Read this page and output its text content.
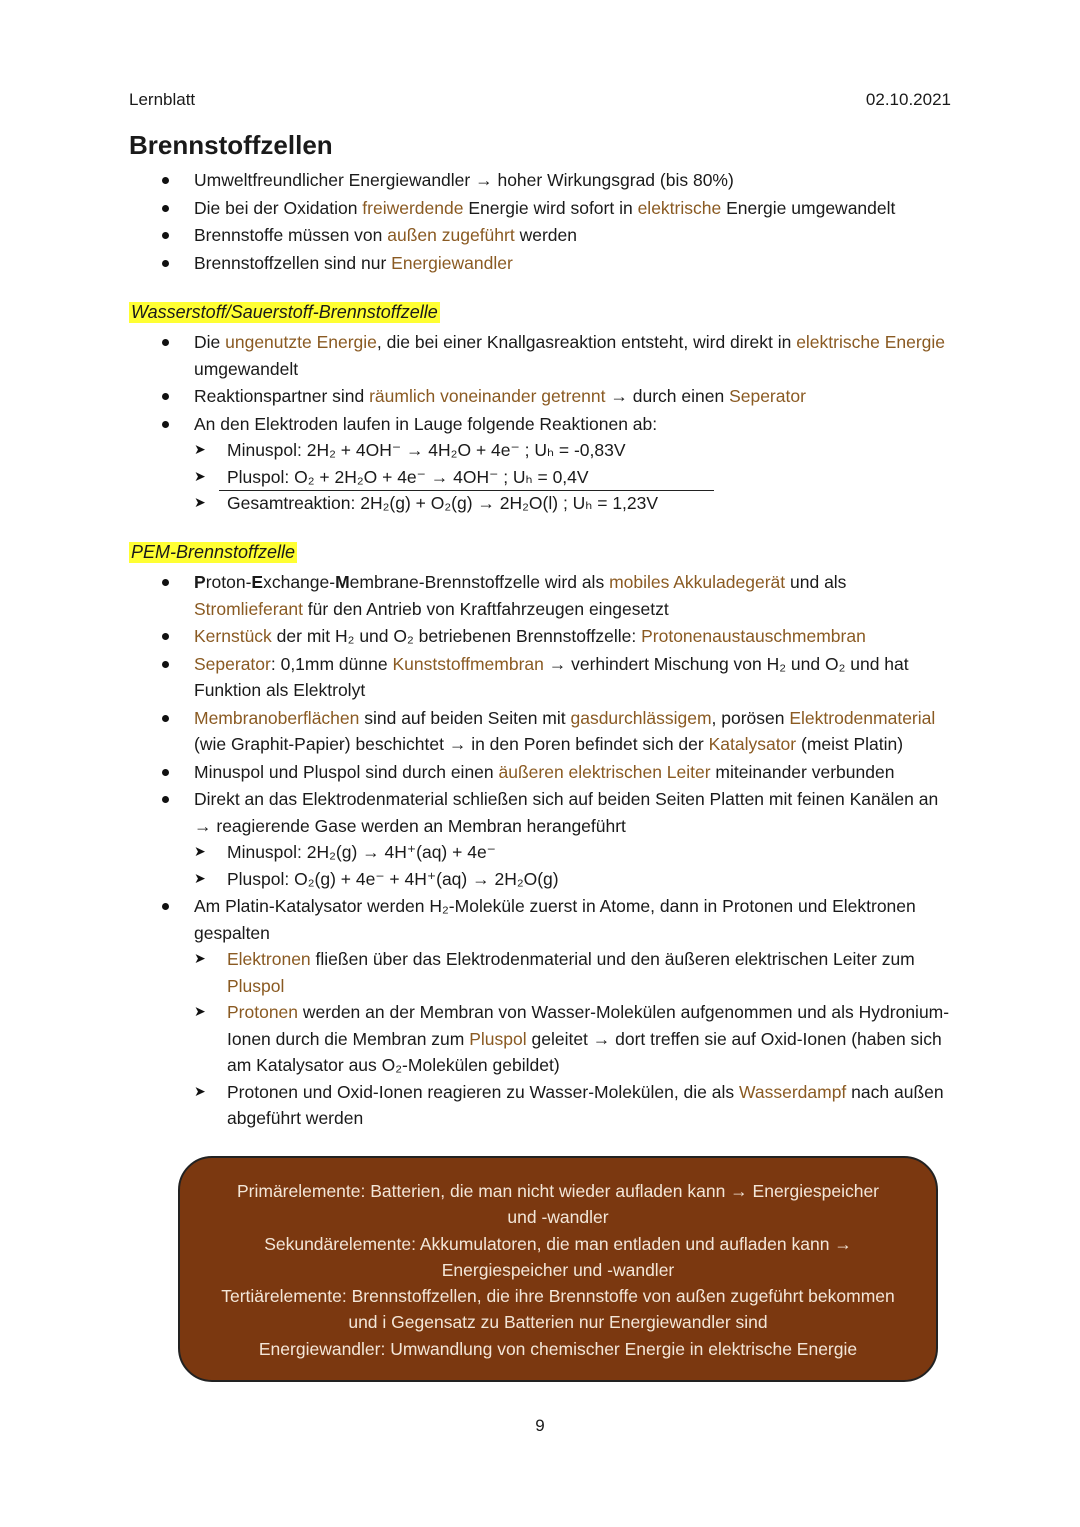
Lernblatt	02.10.2021
Brennstoffzellen
Umweltfreundlicher Energiewandler → hoher Wirkungsgrad (bis 80%)
Die bei der Oxidation freiwerdende Energie wird sofort in elektrische Energie umgewandelt
Brennstoffe müssen von außen zugeführt werden
Brennstoffzellen sind nur Energiewandler
Wasserstoff/Sauerstoff-Brennstoffzelle
Die ungenutzte Energie, die bei einer Knallgasreaktion entsteht, wird direkt in elektrische Energie umgewandelt
Reaktionspartner sind räumlich voneinander getrennt → durch einen Seperator
An den Elektroden laufen in Lauge folgende Reaktionen ab:
➤ Minuspol: 2H₂ + 4OH⁻ → 4H₂O + 4e⁻ ; Uₕ = -0,83V
➤ Pluspol: O₂ + 2H₂O + 4e⁻ → 4OH⁻ ; Uₕ = 0,4V
➤ Gesamtreaktion: 2H₂(g) + O₂(g) → 2H₂O(l) ; Uₕ = 1,23V
PEM-Brennstoffzelle
Proton-Exchange-Membrane-Brennstoffzelle wird als mobiles Akkuladegerät und als Stromlieferant für den Antrieb von Kraftfahrzeugen eingesetzt
Kernstück der mit H₂ und O₂ betriebenen Brennstoffzelle: Protonenaustauschmembran
Seperator: 0,1mm dünne Kunststoffmembran → verhindert Mischung von H₂ und O₂ und hat Funktion als Elektrolyt
Membranoberflächen sind auf beiden Seiten mit gasdurchlässigem, porösen Elektrodenmaterial (wie Graphit-Papier) beschichtet → in den Poren befindet sich der Katalysator (meist Platin)
Minuspol und Pluspol sind durch einen äußeren elektrischen Leiter miteinander verbunden
Direkt an das Elektrodenmaterial schließen sich auf beiden Seiten Platten mit feinen Kanälen an → reagierende Gase werden an Membran herangeführt
➤ Minuspol: 2H₂(g) → 4H⁺(aq) + 4e⁻
➤ Pluspol: O₂(g) + 4e⁻ + 4H⁺(aq) → 2H₂O(g)
Am Platin-Katalysator werden H₂-Moleküle zuerst in Atome, dann in Protonen und Elektronen gespalten
➤ Elektronen fließen über das Elektrodenmaterial und den äußeren elektrischen Leiter zum Pluspol
➤ Protonen werden an der Membran von Wasser-Molekülen aufgenommen und als Hydronium-Ionen durch die Membran zum Pluspol geleitet → dort treffen sie auf Oxid-Ionen (haben sich am Katalysator aus O₂-Molekülen gebildet)
➤ Protonen und Oxid-Ionen reagieren zu Wasser-Molekülen, die als Wasserdampf nach außen abgeführt werden

Primärelemente: Batterien, die man nicht wieder aufladen kann → Energiespeicher und -wandler

Sekundärelemente: Akkumulatoren, die man entladen und aufladen kann → Energiespeicher und -wandler

Tertiärelemente: Brennstoffzellen, die ihre Brennstoffe von außen zugeführt bekommen und i Gegensatz zu Batterien nur Energiewandler sind

Energiewandler: Umwandlung von chemischer Energie in elektrische Energie

9
